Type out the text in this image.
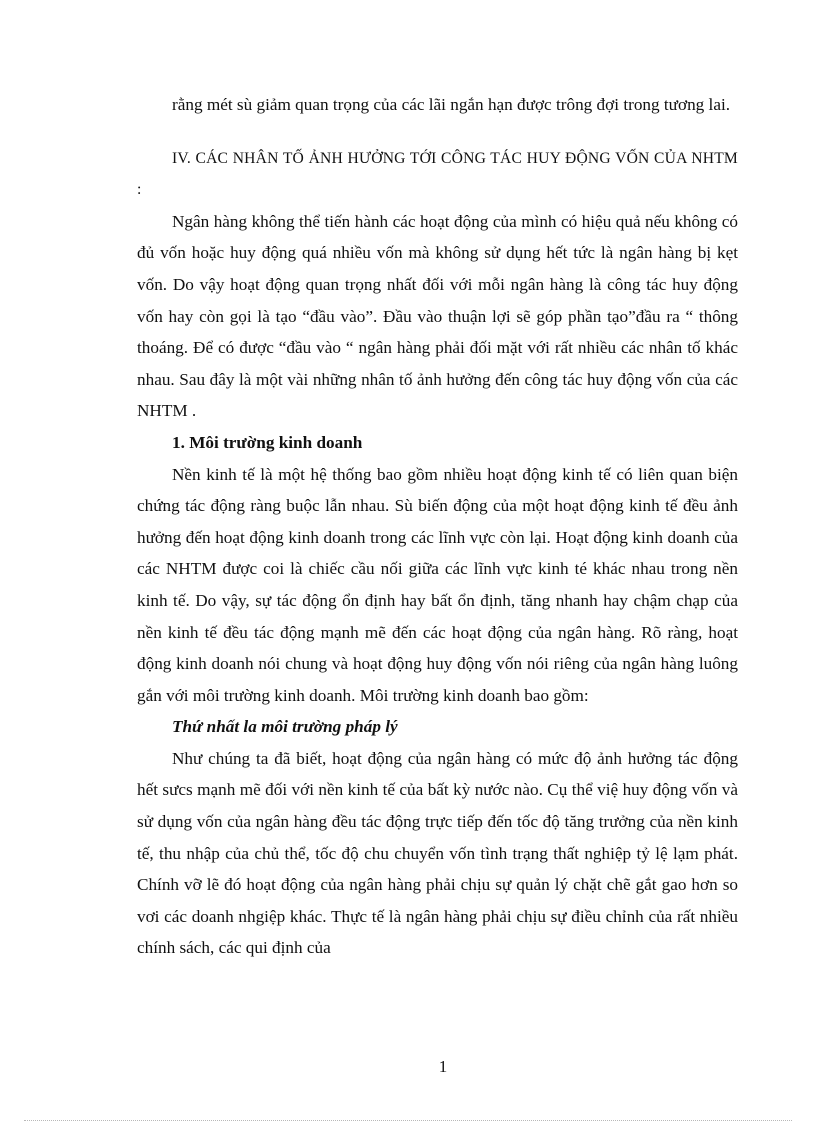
rằng mét sù giảm quan trọng của các lãi ngắn hạn được trông đợi trong tương lai.

IV. CÁC NHÂN TỐ ẢNH HƯỞNG TỚI CÔNG TÁC HUY ĐỘNG VỐN CỦA NHTM :

Ngân hàng không thể tiến hành các hoạt động của mình có hiệu quả nếu không có đủ vốn hoặc huy động quá nhiều vốn mà không sử dụng hết tức là ngân hàng bị kẹt vốn. Do vậy hoạt động quan trọng nhất đối với mỗi ngân hàng là công tác huy động vốn hay còn gọi là tạo “đầu vào”. Đầu vào thuận lợi sẽ góp phần tạo”đầu ra “ thông thoáng. Để có được “đầu vào “ ngân hàng phải đối mặt với rất nhiều các nhân tố khác nhau. Sau đây là một vài những nhân tố ảnh hưởng đến công tác huy động vốn của các NHTM .

1. Môi trường kinh doanh

Nền kinh tế là một hệ thống bao gồm nhiều hoạt động kinh tế có liên quan biện chứng tác động ràng buộc lẫn nhau. Sù biến động của một hoạt động kinh tế đều ảnh hưởng đến hoạt động kinh doanh trong các lĩnh vực còn lại. Hoạt động kinh doanh của các NHTM được coi là chiếc cầu nối giữa các lĩnh vực kinh té khác nhau trong nền kinh tế. Do vậy, sự tác động ổn định hay bất ổn định, tăng nhanh hay chậm chạp của nền kinh tế đều tác động mạnh mẽ đến các hoạt động của ngân hàng. Rõ ràng, hoạt động kinh doanh nói chung và hoạt động huy động vốn nói riêng của ngân hàng luông gắn với môi trường kinh doanh. Môi trường kinh doanh bao gồm:

Thứ nhất la môi trường pháp lý

Như chúng ta đã biết, hoạt động của ngân hàng có mức độ ảnh hưởng tác động hết sưcs mạnh mẽ đối với nền kinh tế của bất kỳ nước nào. Cụ thể việ huy động vốn và sử dụng vốn của ngân hàng đều tác động trực tiếp đến tốc độ tăng trưởng của nền kinh tế, thu nhập của chủ thể, tốc độ chu chuyển vốn tình trạng thất nghiệp tỷ lệ lạm phát. Chính vỡ lẽ đó hoạt động của ngân hàng phải chịu sự quản lý chặt chẽ gắt gao hơn so vơi các doanh nhgiệp khác. Thực tế là ngân hàng phải chịu sự điều chỉnh của rất nhiều chính sách, các qui định của

1
